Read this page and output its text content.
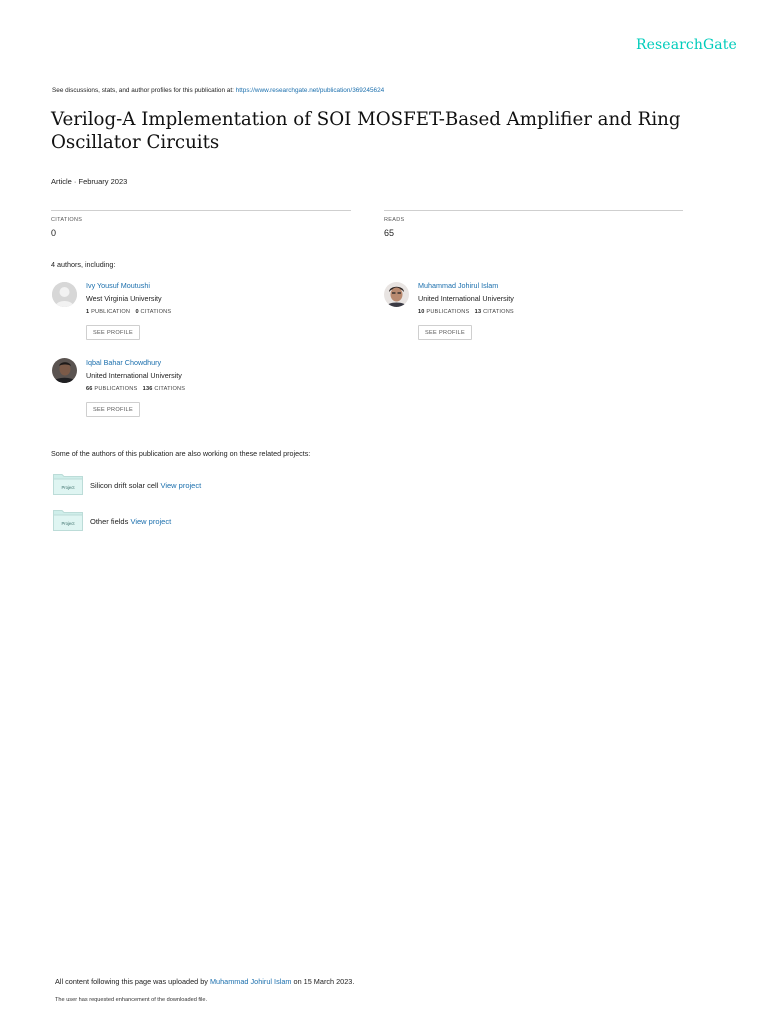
ResearchGate
See discussions, stats, and author profiles for this publication at: https://www.researchgate.net/publication/369245624
Verilog-A Implementation of SOI MOSFET-Based Amplifier and Ring Oscillator Circuits
Article · February 2023
CITATIONS
0
READS
65
4 authors, including:
Ivy Yousuf Moutushi
West Virginia University
1 PUBLICATION 0 CITATIONS
SEE PROFILE
Muhammad Johirul Islam
United International University
10 PUBLICATIONS 13 CITATIONS
SEE PROFILE
Iqbal Bahar Chowdhury
United International University
66 PUBLICATIONS 136 CITATIONS
SEE PROFILE
Some of the authors of this publication are also working on these related projects:
Project Silicon drift solar cell View project
Project Other fields View project
All content following this page was uploaded by Muhammad Johirul Islam on 15 March 2023.
The user has requested enhancement of the downloaded file.
